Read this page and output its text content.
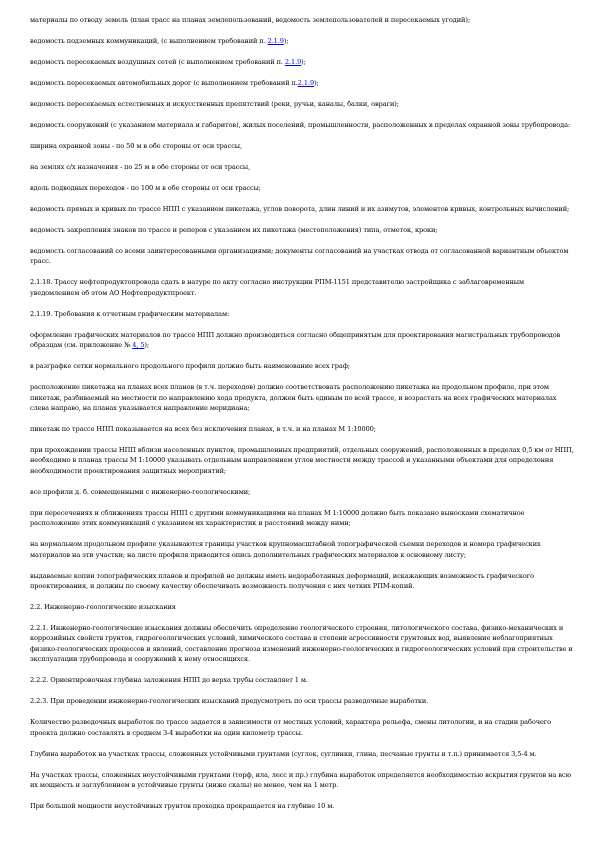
материалы по отводу земель (план трасс на планах землепользований, ведомость землепользователей и пересекаемых угодий);

ведомость подземных коммуникаций, (с выполнением требований п. 2.1.9);

ведомость пересекаемых воздушных сетей (с выполнением требований п. 2.1.9);

ведомость пересекаемых автомобильных дорог (с выполнением требований п.2.1.9);

ведомость пересекаемых естественных и искусственных препятствий (реки, ручьи, каналы, балки, овраги);

ведомость сооружений (с указанием материала и габаритов), жилых поселений, промышленности, расположенных в пределах охранной зоны трубопровода:

ширина охранной зоны - по 50 м в обе стороны от оси трассы,

на землях с/х назначения - по 25 м в обе стороны от оси трассы,

вдоль подводных переходов - по 100 м в обе стороны от оси трассы;

ведомость прямых и кривых по трассе НПП с указанием пикетажа, углов поворота, длин линий и их азимутов, элементов кривых, контрольных вычислений;

ведомость закрепления знаков по трассе и реперов с указанием их пикетажа (местоположения) типа, отметок, кроки;

ведомость согласований со всеми заинтересованными организациями; документы согласований на участках отвода от согласованной вариантным объектом трасс.

2.1.18. Трассу нефтепродуктопровода сдать в натуре по акту согласно инструкции РПМ-1151 представителю застройщика с заблаговременным уведомлением об этом АО Нефтепродуктпроект.

2.1.19. Требования к отчетным графическим материалам:

оформление графических материалов по трассе НПП должно производиться согласно общепринятым для проектирования магистральных трубопроводов образцам (см. приложение № 4, 5);

в разграфке сетки нормального продольного профиля должно быть наименование всех граф;

расположение пикетажа на планах всех планов (в т.ч. переходов) должно соответствовать расположению пикетажа на продольном профиле, при этом пикетаж, разбиваемый на местности по направлению хода продукта, должен быть единым по всей трассе, и возрастать на всех графических материалах слева направо, на планах указывается направление меридиана;

пикетаж по трассе НПП показывается на всех без исключения планах, в т.ч. и на планах М 1:10000;

при прохождении трассы НПП вблизи населенных пунктов, промышленных предприятий, отдельных сооружений, расположенных в пределах 0,5 км от НПП, необходимо в планах трассы М 1:10000 указывать отдельным направлением углов местности между трассой и указанными объектами для определения необходимости проектирования защитных мероприятий;

все профили д. б. совмещенными с инженерно-геологическими;

при пересечениях и сближениях трассы НПП с другими коммуникациями на планах М 1:10000 должно быть показано выносками схематичное расположение этих коммуникаций с указанием их характеристик и расстояний между ними;

на нормальном продольном профиле указываются границы участков крупномасштабной топографической съемки переходов и номера графических материалов на эти участки; на листе профиля приводится опись дополнительных графических материалов к основному листу;

выдаваемые копии топографических планов и профилей не должны иметь недоработанных деформаций, искажающих возможность графического проектирования, и должны по своему качеству обеспечивать возможность получения с них четких РПМ-копий.

2.2. Инженерно-геологические изыскания

2.2.1. Инженерно-геологические изыскания должны обеспечить определение геологического строения, литологического состава, физико-механических и коррозийных свойств грунтов, гидрогеологических условий, химического состава и степени агрессивности грунтовых вод, выявление неблагоприятных физико-геологических процессов и явлений, составление прогноза изменений инженерно-геологических и гидрогеологических условий при строительстве и эксплуатации трубопровода и сооружений к нему относящихся.

2.2.2. Ориентировочная глубина заложения НПП до верха трубы составляет 1 м.

2.2.3. При проведении инженерно-геологических изысканий предусмотреть по оси трассы разведочные выработки.

Количество разведочных выработок по трассе задается в зависимости от местных условий, характера рельефа, смены литологии, и на стадии рабочего проекта должно составлять в среднем 3-4 выработки на один километр трассы.

Глубина выработок на участках трассы, сложенных устойчивыми грунтами (суглок, суглинки, глина, песчаные грунты и т.п.) принимается 3,5-4 м.

На участках трассы, сложенных неустойчивыми грунтами (торф, ила, лесс и пр.) глубина выработок определяется необходимостью вскрытия грунтов на всю их мощность и заглублением в устойчивые грунты (ниже скалы) не менее, чем на 1 метр.

При большой мощности неустойчивых грунтов проходка прекращается на глубине 10 м.
